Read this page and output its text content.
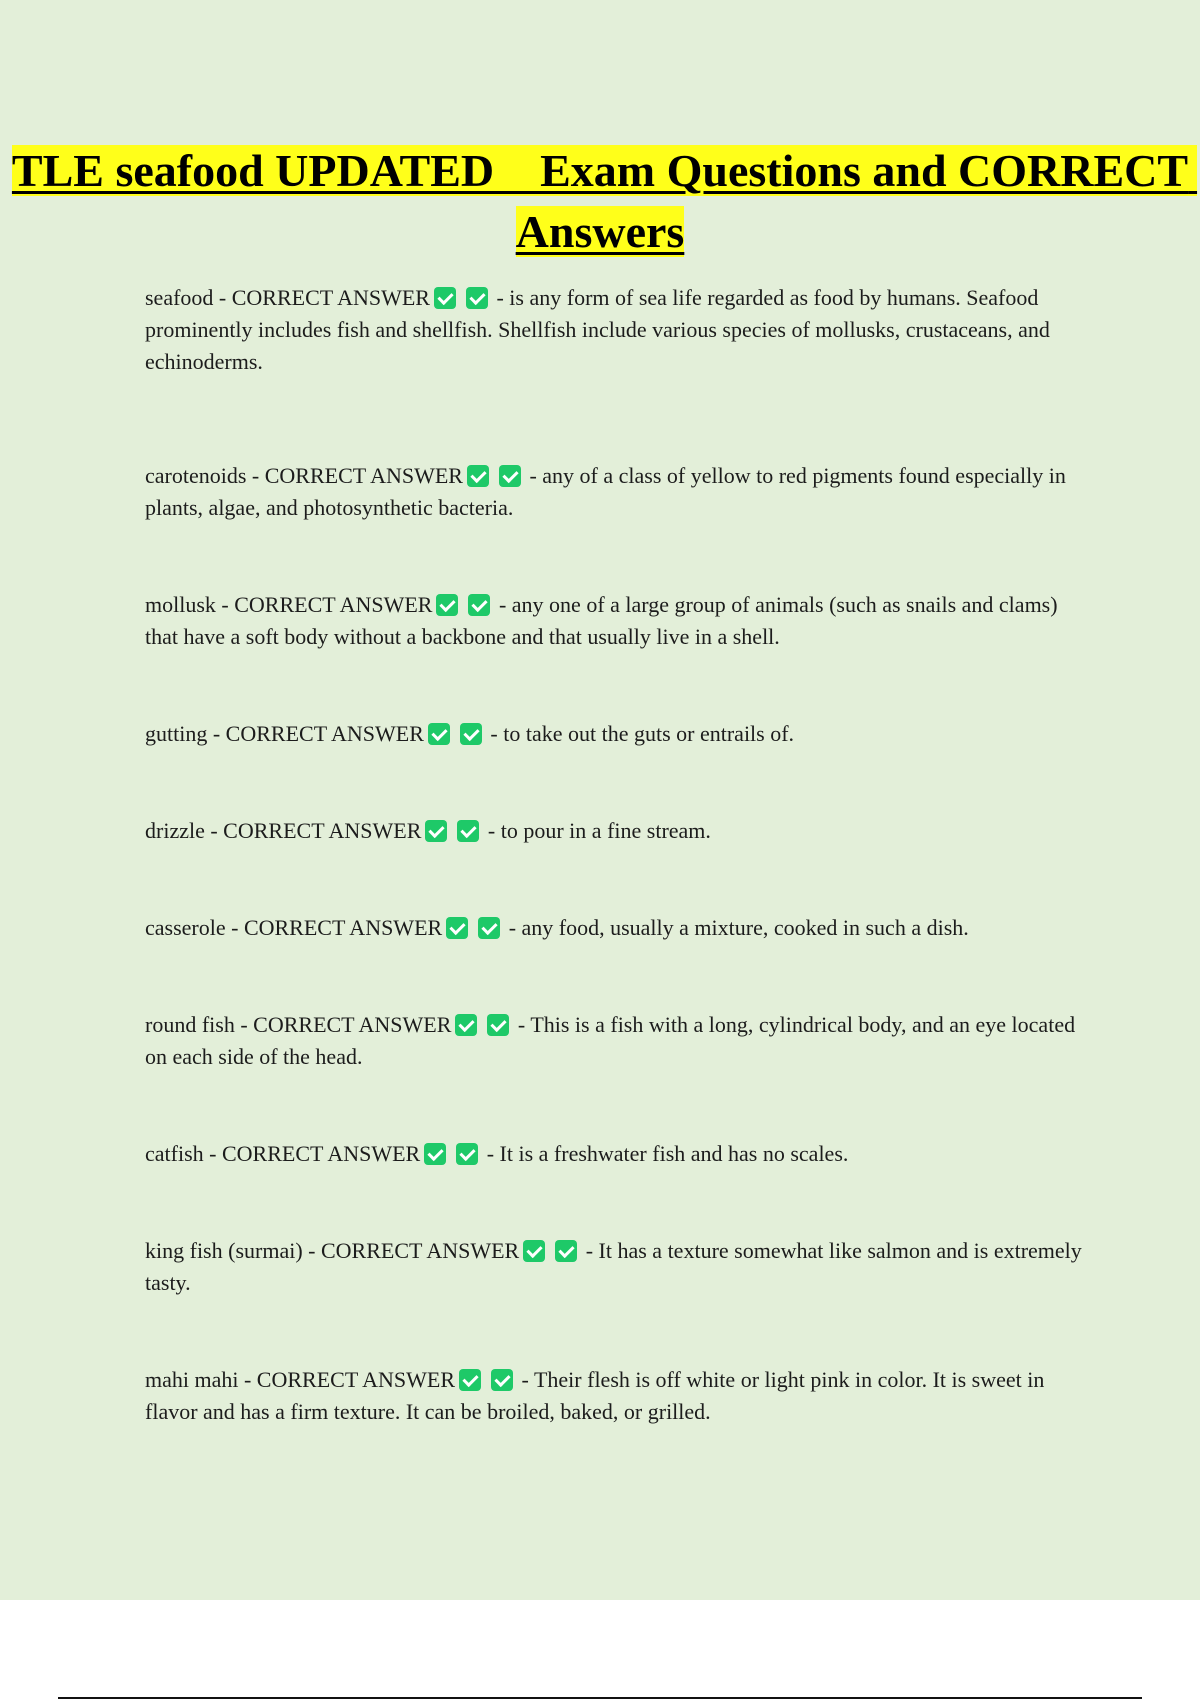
TLE seafood UPDATED    Exam Questions and CORRECT Answers
seafood - CORRECT ANSWER	- is any form of sea life regarded as food by humans. Seafood prominently includes fish and shellfish. Shellfish include various species of mollusks, crustaceans, and echinoderms.
carotenoids - CORRECT ANSWER	- any of a class of yellow to red pigments found especially in plants, algae, and photosynthetic bacteria.
mollusk - CORRECT ANSWER	- any one of a large group of animals (such as snails and clams) that have a soft body without a backbone and that usually live in a shell.
gutting - CORRECT ANSWER	- to take out the guts or entrails of.
drizzle - CORRECT ANSWER	- to pour in a fine stream.
casserole - CORRECT ANSWER	- any food, usually a mixture, cooked in such a dish.
round fish - CORRECT ANSWER	- This is a fish with a long, cylindrical body, and an eye located on each side of the head.
catfish - CORRECT ANSWER	- It is a freshwater fish and has no scales.
king fish (surmai) - CORRECT ANSWER	- It has a texture somewhat like salmon and is extremely tasty.
mahi mahi - CORRECT ANSWER	- Their flesh is off white or light pink in color. It is sweet in flavor and has a firm texture. It can be broiled, baked, or grilled.
